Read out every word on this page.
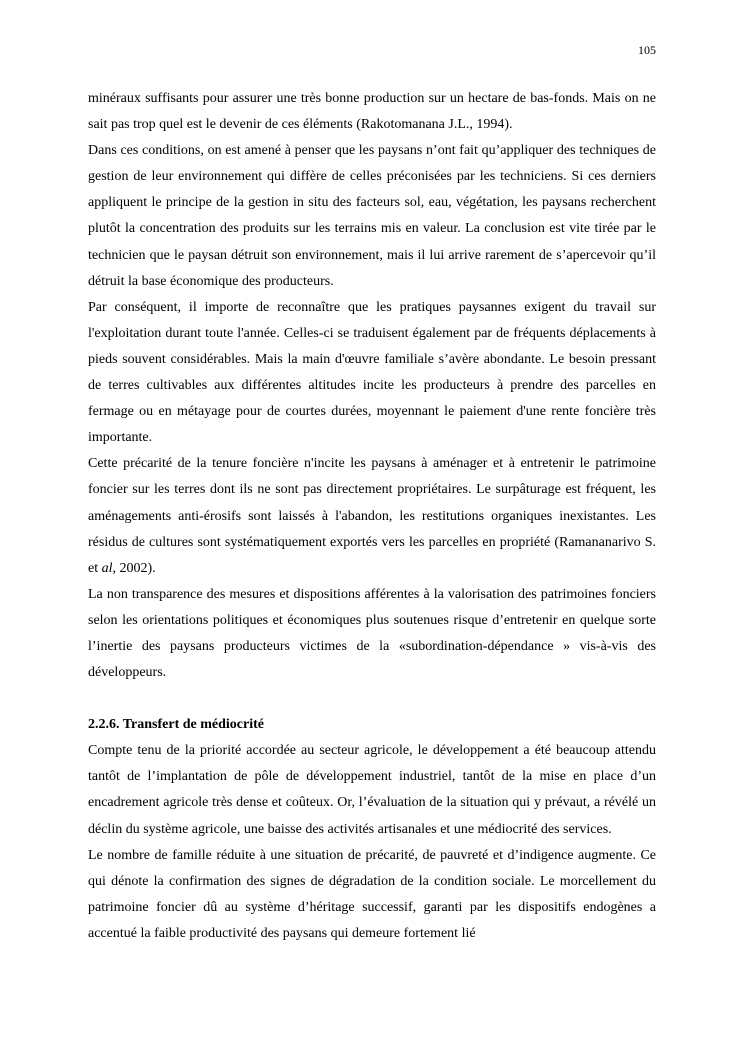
105

minéraux suffisants pour assurer une très bonne production sur un hectare de bas-fonds. Mais on ne sait pas trop quel est le devenir de ces éléments (Rakotomanana J.L., 1994).

Dans ces conditions, on est amené à penser que les paysans n’ont fait qu’appliquer des techniques de gestion de leur environnement qui diffère de celles préconisées par les techniciens. Si ces derniers appliquent le principe de la gestion in situ des facteurs sol, eau, végétation, les paysans recherchent plutôt la concentration des produits sur les terrains mis en valeur. La conclusion est vite tirée par le technicien que le paysan détruit son environnement, mais il lui arrive rarement de s’apercevoir qu’il détruit la base économique des producteurs.

Par conséquent, il importe de reconnaître que les pratiques paysannes exigent du travail sur l'exploitation durant toute l'année. Celles-ci se traduisent également par de fréquents déplacements à pieds souvent considérables. Mais la main d'œuvre familiale s’avère abondante. Le besoin pressant de terres cultivables aux différentes altitudes incite les producteurs à prendre des parcelles en fermage ou en métayage pour de courtes durées, moyennant le paiement d'une rente foncière très importante.

Cette précarité de la tenure foncière n'incite les paysans à aménager et à entretenir le patrimoine foncier sur les terres dont ils ne sont pas directement propriétaires. Le surpâturage est fréquent, les aménagements anti-érosifs sont laissés à l'abandon, les restitutions organiques inexistantes. Les résidus de cultures sont systématiquement exportés vers les parcelles en propriété (Ramananarivo S. et al, 2002).

La non transparence des mesures et dispositions afférentes à la valorisation des patrimoines fonciers selon les orientations politiques et économiques plus soutenues risque d’entretenir en quelque sorte l’inertie des paysans producteurs victimes de la «subordination-dépendance » vis-à-vis des développeurs.

2.2.6. Transfert de médiocrité

Compte tenu de la priorité accordée au secteur agricole, le développement a été beaucoup attendu tantôt de l’implantation de pôle de développement industriel, tantôt de la mise en place d’un encadrement agricole très dense et coûteux. Or, l’évaluation de la situation qui y prévaut, a révélé un déclin du système agricole, une baisse des activités artisanales et une médiocrité des services.

Le nombre de famille réduite à une situation de précarité, de pauvreté et d’indigence augmente. Ce qui dénote la confirmation des signes de dégradation de la condition sociale. Le morcellement du patrimoine foncier dû au système d’héritage successif, garanti par les dispositifs endogènes a accentué la faible productivité des paysans qui demeure fortement lié
